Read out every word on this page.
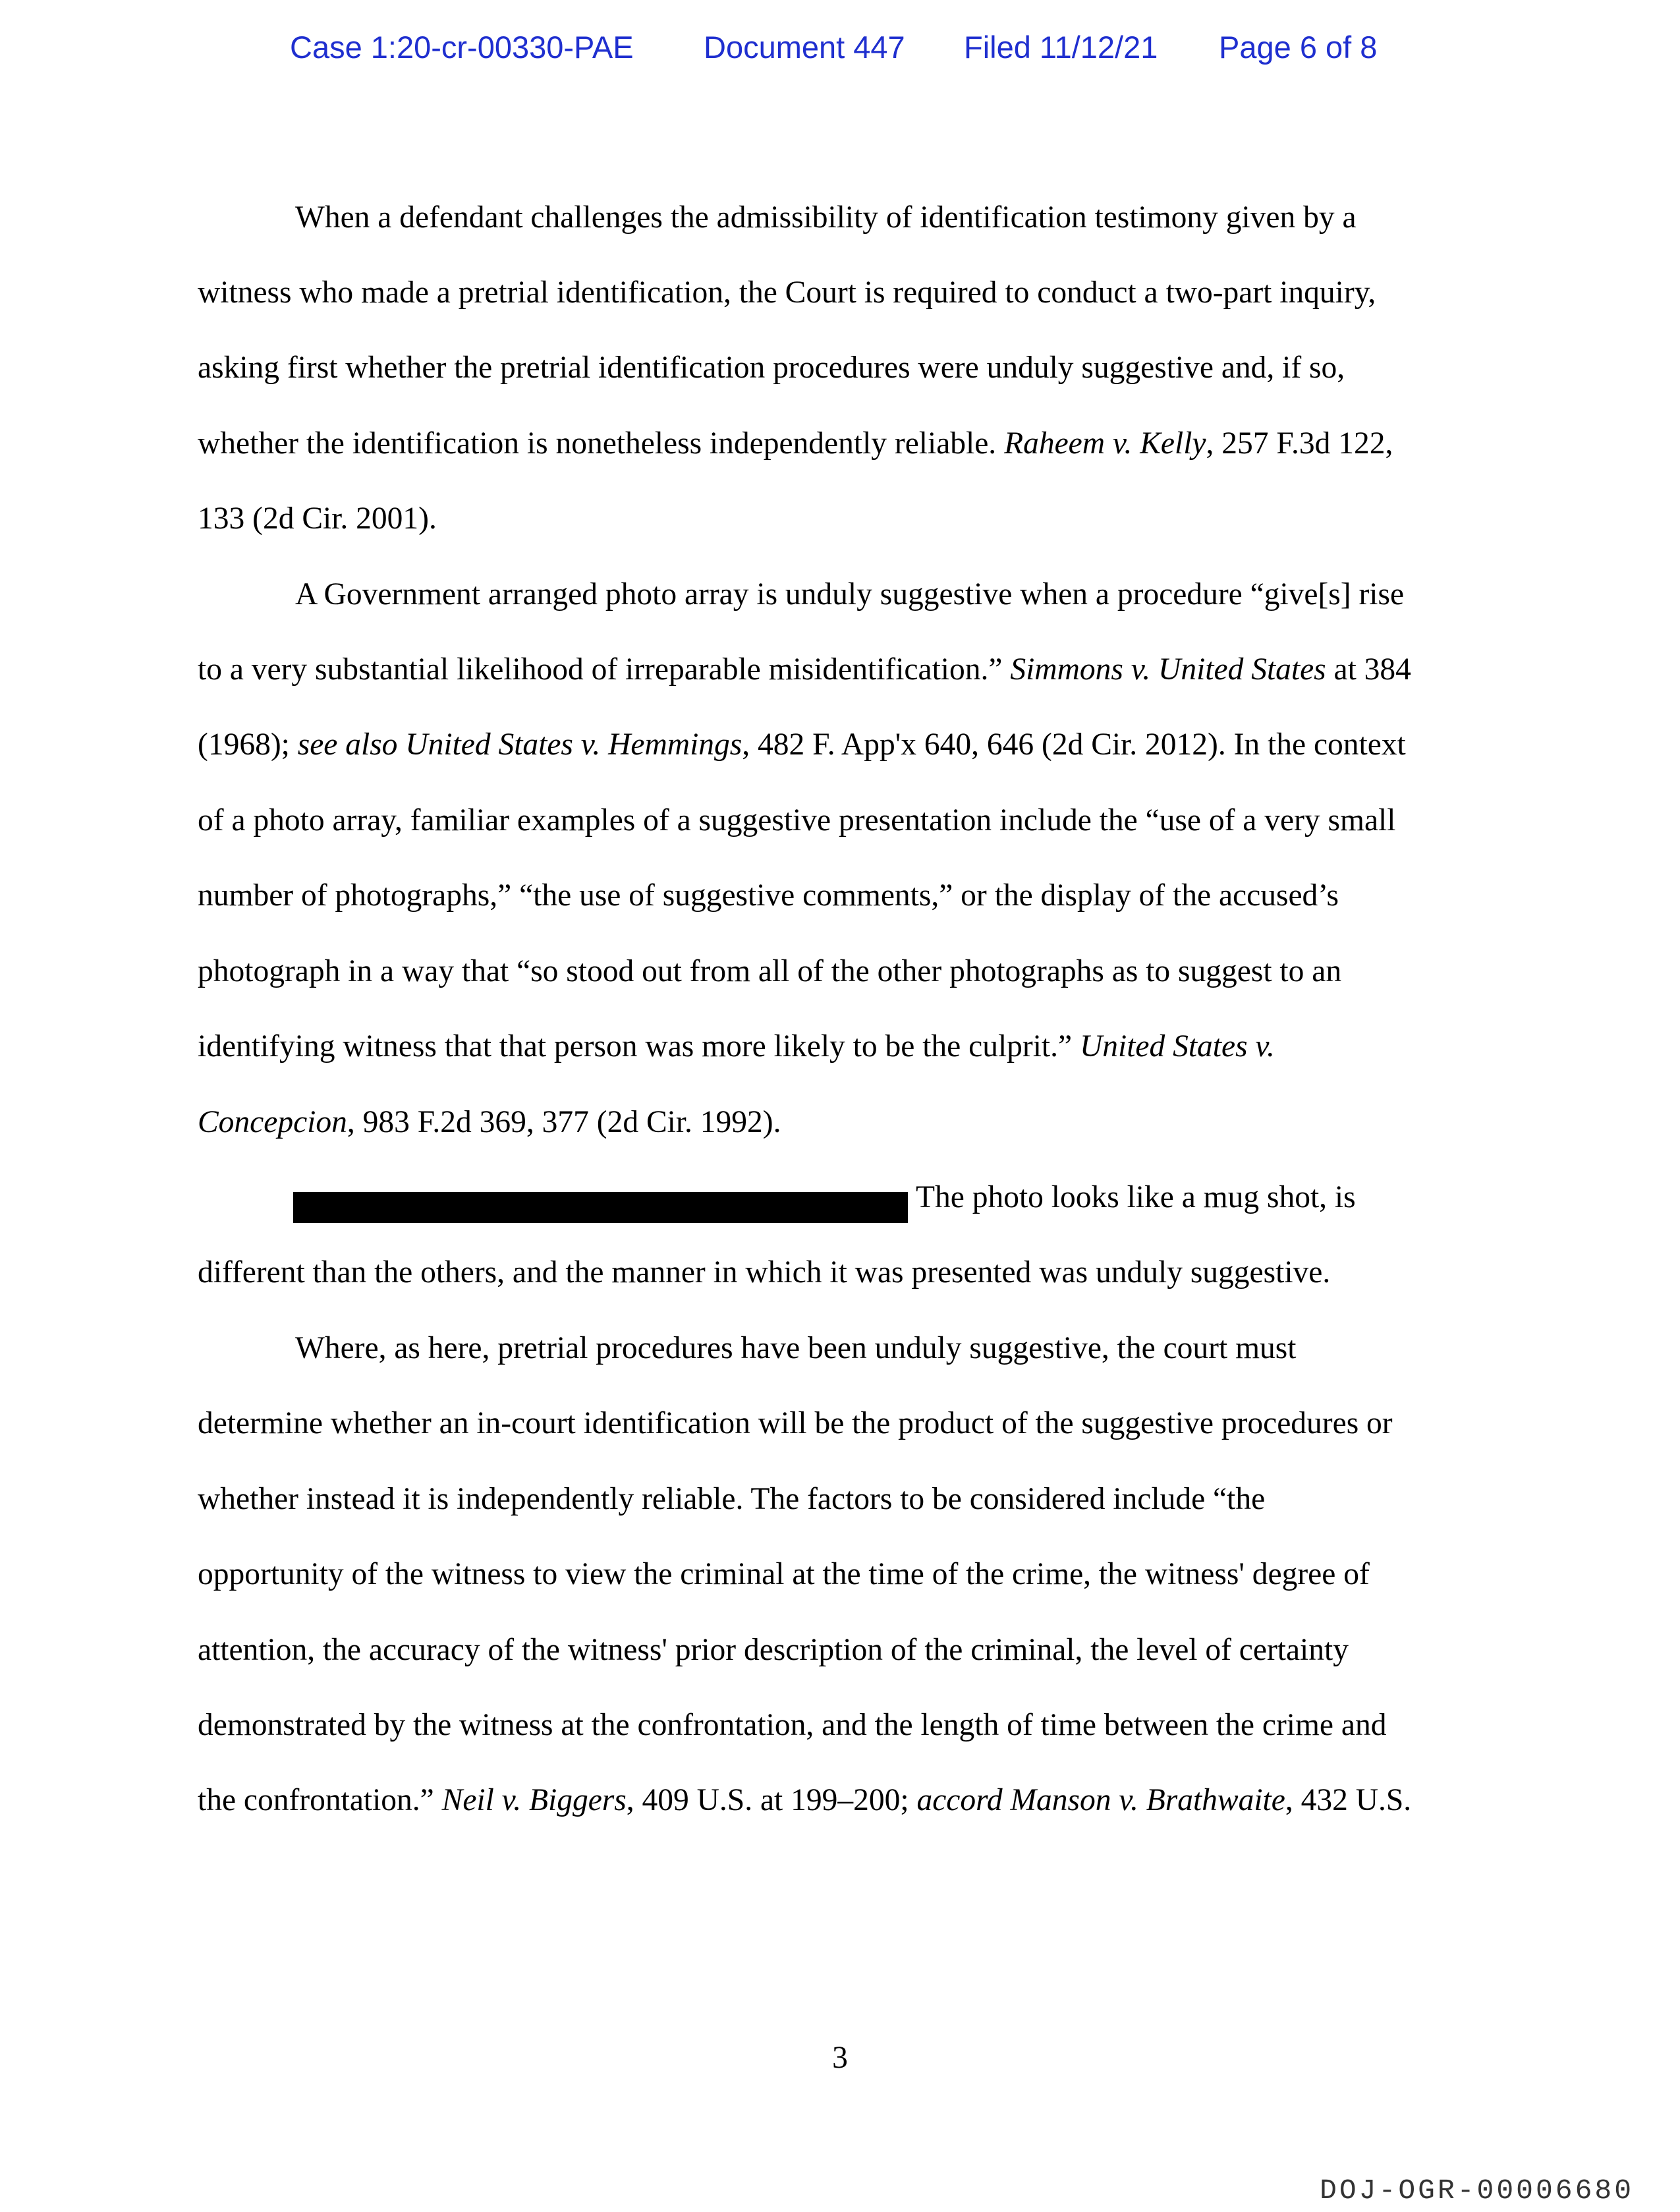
Case 1:20-cr-00330-PAE Document 447 Filed 11/12/21 Page 6 of 8
When a defendant challenges the admissibility of identification testimony given by a
witness who made a pretrial identification, the Court is required to conduct a two-part inquiry,
asking first whether the pretrial identification procedures were unduly suggestive and, if so,
whether the identification is nonetheless independently reliable. Raheem v. Kelly, 257 F.3d 122,
133 (2d Cir. 2001).
A Government arranged photo array is unduly suggestive when a procedure “give[s] rise
to a very substantial likelihood of irreparable misidentification.” Simmons v. United States at 384
(1968); see also United States v. Hemmings, 482 F. App'x 640, 646 (2d Cir. 2012). In the context
of a photo array, familiar examples of a suggestive presentation include the “use of a very small
number of photographs,” “the use of suggestive comments,” or the display of the accused’s
photograph in a way that “so stood out from all of the other photographs as to suggest to an
identifying witness that that person was more likely to be the culprit.” United States v.
Concepcion, 983 F.2d 369, 377 (2d Cir. 1992).
The photo looks like a mug shot, is
different than the others, and the manner in which it was presented was unduly suggestive.
Where, as here, pretrial procedures have been unduly suggestive, the court must
determine whether an in-court identification will be the product of the suggestive procedures or
whether instead it is independently reliable. The factors to be considered include “the
opportunity of the witness to view the criminal at the time of the crime, the witness' degree of
attention, the accuracy of the witness' prior description of the criminal, the level of certainty
demonstrated by the witness at the confrontation, and the length of time between the crime and
the confrontation.” Neil v. Biggers, 409 U.S. at 199–200; accord Manson v. Brathwaite, 432 U.S.
3
DOJ-OGR-00006680
